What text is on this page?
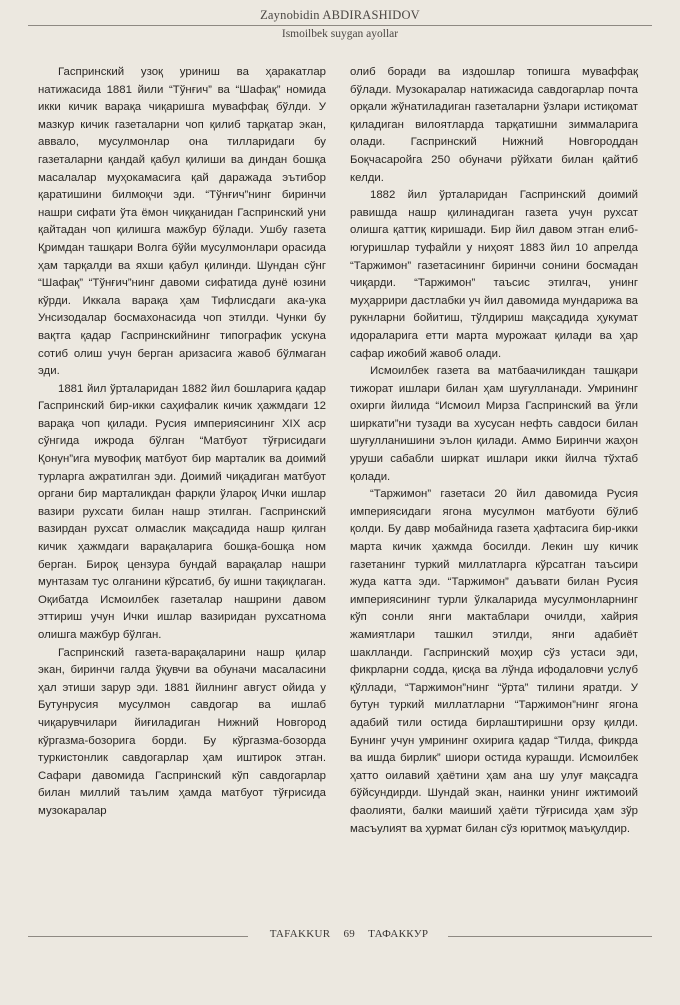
Zaynobidin ABDIRASHIDOV
Ismoilbek suygan ayollar

Гаспринский узоқ уриниш ва ҳаракатлар натижасида 1881 йили “Тўнғич” ва “Шафақ” номида икки кичик варақа чиқаришга муваффақ бўлди. У мазкур кичик газеталарни чоп қилиб тарқатар экан, аввало, мусулмонлар она тилларидаги бу газеталарни қандай қабул қилиши ва диндан бошқа масалалар муҳокамасига қай даражада эътибор қаратишини билмоқчи эди. “Тўнғич”нинг биринчи нашри сифати ўта ёмон чиққанидан Гаспринский уни қайтадан чоп қилишга мажбур бўлади. Ушбу газета Қримдан ташқари Волга бўйи мусулмонлари орасида ҳам тарқалди ва яхши қабул қилинди. Шундан сўнг “Шафақ” “Тўнғич”нинг давоми сифатида дунё юзини кўрди. Иккала варақа ҳам Тифлисдаги ака-ука Унсизодалар босмахонасида чоп этилди. Чунки бу вақтга қадар Гаспринскийнинг типографик ускуна сотиб олиш учун берган аризасига жавоб бўлмаган эди.

1881 йил ўрталаридан 1882 йил бошларига қадар Гаспринский бир-икки саҳифалик кичик ҳажмдаги 12 варақа чоп қилади. Русия империясининг XIX аср сўнгида ижрода бўлган “Матбуот тўғрисидаги Қонун”ига мувофиқ матбуот бир марталик ва доимий турларга ажратилган эди. Доимий чиқадиган матбуот органи бир марталикдан фарқли ўлароқ Ички ишлар вазири рухсати билан нашр этилган. Гаспринский вазирдан рухсат олмаслик мақсадида нашр қилган кичик ҳажмдаги варақаларига бошқа-бошқа ном берган. Бироқ цензура бундай варақалар нашри мунтазам тус олганини кўрсатиб, бу ишни тақиқлаган. Оқибатда Исмоилбек газеталар нашрини давом эттириш учун Ички ишлар вазиридан рухсатнома олишга мажбур бўлган.

Гаспринский газета-варақаларини нашр қилар экан, биринчи галда ўқувчи ва обуначи масаласини ҳал этиши зарур эди. 1881 йилнинг август ойида у Бутунрусия мусулмон савдогар ва ишлаб чиқарувчилари йиғиладиган Нижний Новгород кўргазма-бозорига борди. Бу кўргазма-бозорда туркистонлик савдогарлар ҳам иштирок этган. Сафари давомида Гаспринский кўп савдогарлар билан миллий таълим ҳамда матбуот тўғрисида музокаралар

олиб боради ва издошлар топишга муваффақ бўлади. Музокаралар натижасида савдогарлар почта орқали жўнатиладиган газеталарни ўзлари истиқомат қиладиган вилоятларда тарқатишни зиммаларига олади. Гаспринский Нижний Новгороддан Боқчасаройга 250 обуначи рўйхати билан қайтиб келди.

1882 йил ўрталаридан Гаспринский доимий равишда нашр қилинадиган газета учун рухсат олишга қаттиқ киришади. Бир йил давом этган елиб-югуришлар туфайли у ниҳоят 1883 йил 10 апрелда “Таржимон” газетасининг биринчи сонини босмадан чиқарди. “Таржимон” таъсис этилгач, унинг муҳаррири дастлабки уч йил давомида мундарижа ва рукнларни бойитиш, тўлдириш мақсадида ҳукумат идораларига етти марта мурожаат қилади ва ҳар сафар ижобий жавоб олади.

Исмоилбек газета ва матбаачиликдан ташқари тижорат ишлари билан ҳам шуғулланади. Умрининг охирги йилида “Исмоил Мирза Гаспринский ва ўғли ширкати”ни тузади ва хусусан нефть савдоси билан шуғулланишини эълон қилади. Аммо Биринчи жаҳон уруши сабабли ширкат ишлари икки йилча тўхтаб қолади.

“Таржимон” газетаси 20 йил давомида Русия империясидаги ягона мусулмон матбуоти бўлиб қолди. Бу давр мобайнида газета ҳафтасига бир-икки марта кичик ҳажмда босилди. Лекин шу кичик газетанинг туркий миллатларга кўрсатган таъсири жуда катта эди. “Таржимон” даъвати билан Русия империясининг турли ўлкаларида мусулмонларнинг кўп сонли янги мактаблари очилди, хайрия жамиятлари ташкил этилди, янги адабиёт шаклланди. Гаспринский моҳир сўз устаси эди, фикрларни содда, қисқа ва лўнда ифодаловчи услуб қўллади, “Таржимон”нинг “ўрта” тилини яратди. У бутун туркий миллатларни “Таржимон”нинг ягона адабий тили остида бирлаштиришни орзу қилди. Бунинг учун умрининг охирига қадар “Тилда, фикрда ва ишда бирлик” шиори остида курашди. Исмоилбек ҳатто оилавий ҳаётини ҳам ана шу улуғ мақсадга бўйсундирди. Шундай экан, наинки унинг ижтимоий фаолияти, балки маиший ҳаёти тўғрисида ҳам зўр масъулият ва ҳурмат билан сўз юритмоқ маъқулдир.

TAFAKKUR 69 ТАФАККУР
